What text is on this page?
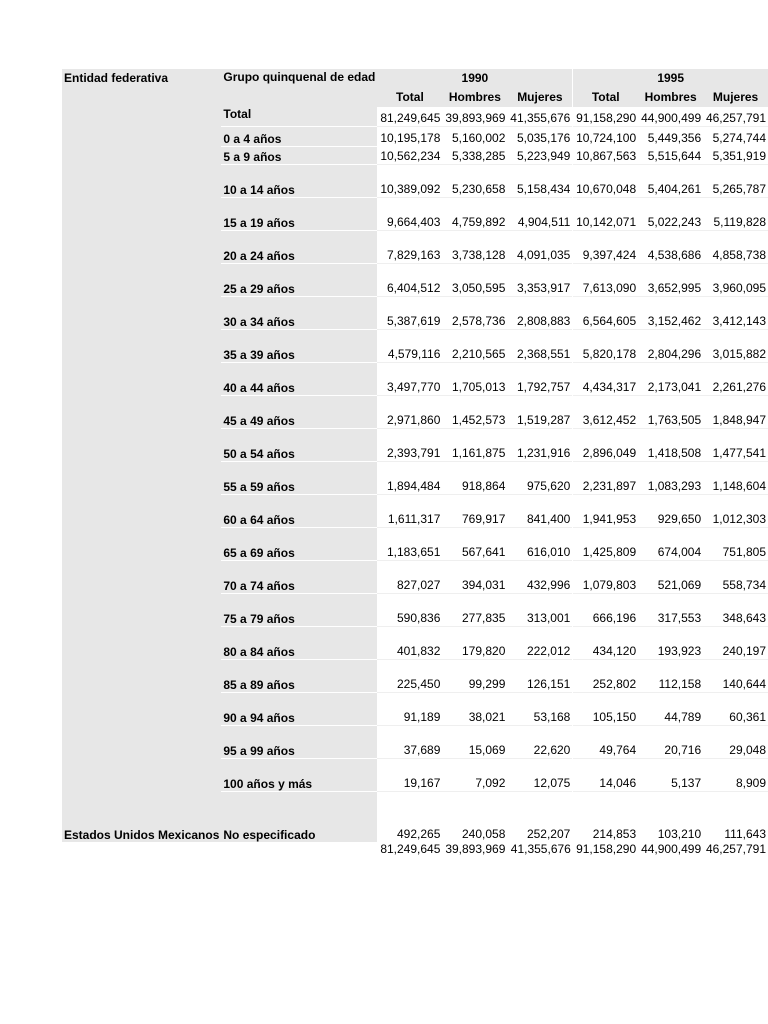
Entidad federativa	Grupo quinquenal de edad	1990			1995		
		Total	Hombres	Mujeres	Total	Hombres	Mujeres
Estados Unidos Mexicanos	Total	81,249,645	39,893,969	41,355,676	91,158,290	44,900,499	46,257,791
	0 a 4 años	10,195,178	5,160,002	5,035,176	10,724,100	5,449,356	5,274,744
	5 a 9 años	10,562,234	5,338,285	5,223,949	10,867,563	5,515,644	5,351,919
	10 a 14 años	10,389,092	5,230,658	5,158,434	10,670,048	5,404,261	5,265,787
	15 a 19 años	9,664,403	4,759,892	4,904,511	10,142,071	5,022,243	5,119,828
	20 a 24 años	7,829,163	3,738,128	4,091,035	9,397,424	4,538,686	4,858,738
	25 a 29 años	6,404,512	3,050,595	3,353,917	7,613,090	3,652,995	3,960,095
	30 a 34 años	5,387,619	2,578,736	2,808,883	6,564,605	3,152,462	3,412,143
	35 a 39 años	4,579,116	2,210,565	2,368,551	5,820,178	2,804,296	3,015,882
	40 a 44 años	3,497,770	1,705,013	1,792,757	4,434,317	2,173,041	2,261,276
	45 a 49 años	2,971,860	1,452,573	1,519,287	3,612,452	1,763,505	1,848,947
	50 a 54 años	2,393,791	1,161,875	1,231,916	2,896,049	1,418,508	1,477,541
	55 a 59 años	1,894,484	918,864	975,620	2,231,897	1,083,293	1,148,604
	60 a 64 años	1,611,317	769,917	841,400	1,941,953	929,650	1,012,303
	65 a 69 años	1,183,651	567,641	616,010	1,425,809	674,004	751,805
	70 a 74 años	827,027	394,031	432,996	1,079,803	521,069	558,734
	75 a 79 años	590,836	277,835	313,001	666,196	317,553	348,643
	80 a 84 años	401,832	179,820	222,012	434,120	193,923	240,197
	85 a 89 años	225,450	99,299	126,151	252,802	112,158	140,644
	90 a 94 años	91,189	38,021	53,168	105,150	44,789	60,361
	95 a 99 años	37,689	15,069	22,620	49,764	20,716	29,048
	100 años y más	19,167	7,092	12,075	14,046	5,137	8,909
	No especificado	492,265	240,058	252,207	214,853	103,210	111,643
		81,249,645	39,893,969	41,355,676	91,158,290	44,900,499	46,257,791
